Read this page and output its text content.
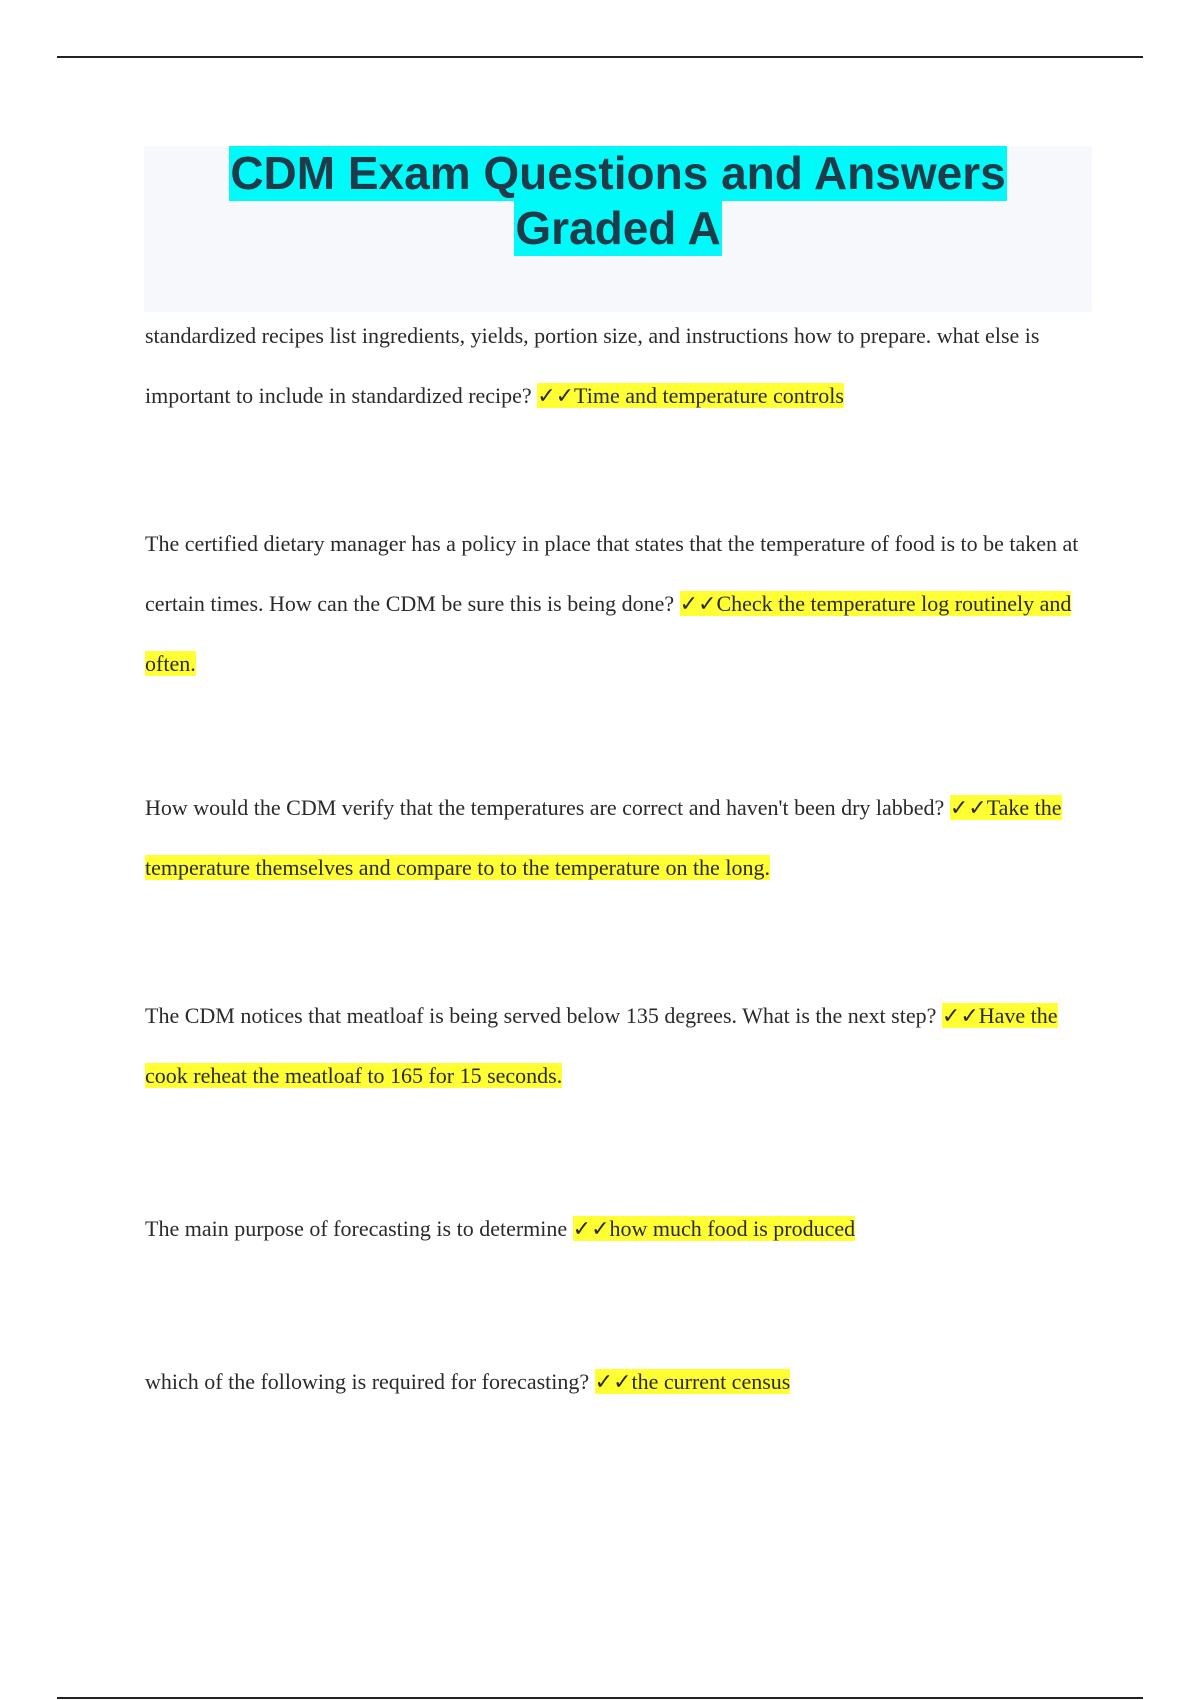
CDM Exam Questions and Answers
Graded A

standardized recipes list ingredients, yields, portion size, and instructions how to prepare. what else is important to include in standardized recipe? ✓✓Time and temperature controls

The certified dietary manager has a policy in place that states that the temperature of food is to be taken at certain times. How can the CDM be sure this is being done? ✓✓Check the temperature log routinely and often.

How would the CDM verify that the temperatures are correct and haven't been dry labbed? ✓✓Take the temperature themselves and compare to to the temperature on the long.

The CDM notices that meatloaf is being served below 135 degrees. What is the next step? ✓✓Have the cook reheat the meatloaf to 165 for 15 seconds.

The main purpose of forecasting is to determine ✓✓how much food is produced

which of the following is required for forecasting? ✓✓the current census
